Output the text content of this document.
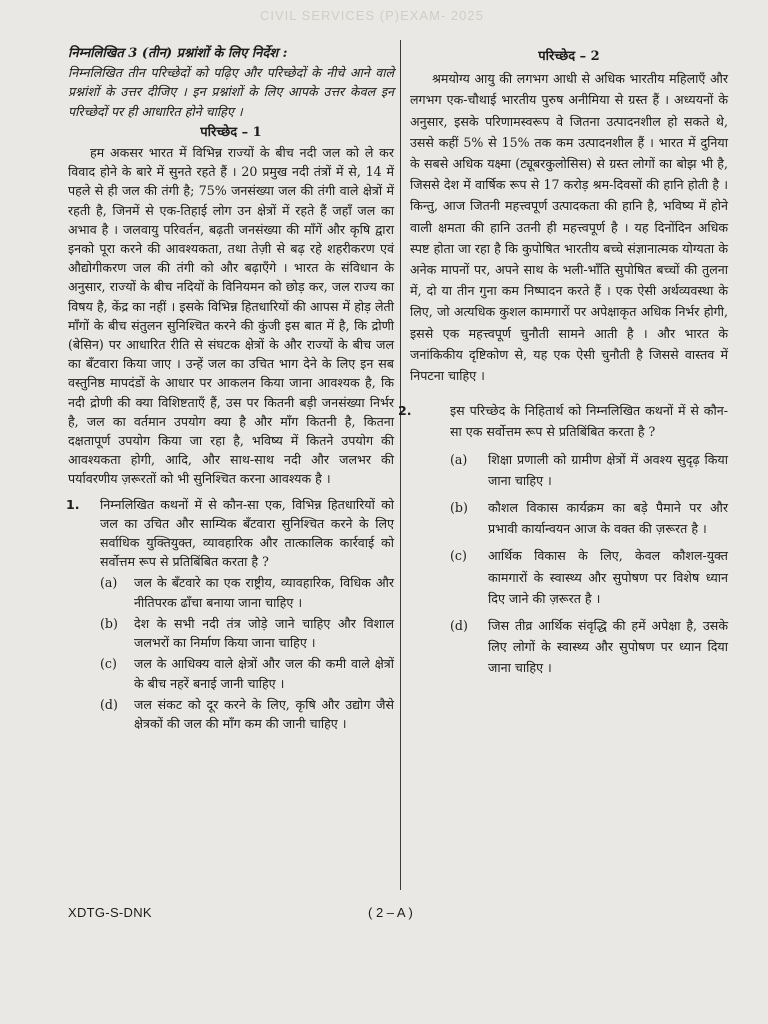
CIVIL SERVICES (P)EXAM- 2025

निम्नलिखित 3 (तीन) प्रश्नांशों के लिए निर्देश :

निम्नलिखित तीन परिच्छेदों को पढ़िए और परिच्छेदों के नीचे आने वाले प्रश्नांशों के उत्तर दीजिए । इन प्रश्नांशों के लिए आपके उत्तर केवल इन परिच्छेदों पर ही आधारित होने चाहिए ।

परिच्छेद – 1

हम अकसर भारत में विभिन्न राज्यों के बीच नदी जल को ले कर विवाद होने के बारे में सुनते रहते हैं । 20 प्रमुख नदी तंत्रों में से, 14 में पहले से ही जल की तंगी है; 75% जनसंख्या जल की तंगी वाले क्षेत्रों में रहती है, जिनमें से एक-तिहाई लोग उन क्षेत्रों में रहते हैं जहाँ जल का अभाव है । जलवायु परिवर्तन, बढ़ती जनसंख्या की माँगें और कृषि द्वारा इनको पूरा करने की आवश्यकता, तथा तेज़ी से बढ़ रहे शहरीकरण एवं औद्योगीकरण जल की तंगी को और बढ़ाएँगे । भारत के संविधान के अनुसार, राज्यों के बीच नदियों के विनियमन को छोड़ कर, जल राज्य का विषय है, केंद्र का नहीं । इसके विभिन्न हितधारियों की आपस में होड़ लेती माँगों के बीच संतुलन सुनिश्चित करने की कुंजी इस बात में है, कि द्रोणी (बेसिन) पर आधारित रीति से संघटक क्षेत्रों के और राज्यों के बीच जल का बँटवारा किया जाए । उन्हें जल का उचित भाग देने के लिए इन सब वस्तुनिष्ठ मापदंडों के आधार पर आकलन किया जाना आवश्यक है, कि नदी द्रोणी की क्या विशिष्टताएँ हैं, उस पर कितनी बड़ी जनसंख्या निर्भर है, जल का वर्तमान उपयोग क्या है और माँग कितनी है, कितना दक्षतापूर्ण उपयोग किया जा रहा है, भविष्य में कितने उपयोग की आवश्यकता होगी, आदि, और साथ-साथ नदी और जलभर की पर्यावरणीय ज़रूरतों को भी सुनिश्चित करना आवश्यक है ।

1. निम्नलिखित कथनों में से कौन-सा एक, विभिन्न हितधारियों को जल का उचित और साम्यिक बँटवारा सुनिश्चित करने के लिए सर्वाधिक युक्तियुक्त, व्यावहारिक और तात्कालिक कार्रवाई को सर्वोत्तम रूप से प्रतिबिंबित करता है ?

(a) जल के बँटवारे का एक राष्ट्रीय, व्यावहारिक, विधिक और नीतिपरक ढाँचा बनाया जाना चाहिए ।
(b) देश के सभी नदी तंत्र जोड़े जाने चाहिए और विशाल जलभरों का निर्माण किया जाना चाहिए ।
(c) जल के आधिक्य वाले क्षेत्रों और जल की कमी वाले क्षेत्रों के बीच नहरें बनाई जानी चाहिए ।
(d) जल संकट को दूर करने के लिए, कृषि और उद्योग जैसे क्षेत्रकों की जल की माँग कम की जानी चाहिए ।

परिच्छेद – 2

श्रमयोग्य आयु की लगभग आधी से अधिक भारतीय महिलाएँ और लगभग एक-चौथाई भारतीय पुरुष अनीमिया से ग्रस्त हैं । अध्ययनों के अनुसार, इसके परिणामस्वरूप वे जितना उत्पादनशील हो सकते थे, उससे कहीं 5% से 15% तक कम उत्पादनशील हैं । भारत में दुनिया के सबसे अधिक यक्ष्मा (ट्यूबरकुलोसिस) से ग्रस्त लोगों का बोझ भी है, जिससे देश में वार्षिक रूप से 17 करोड़ श्रम-दिवसों की हानि होती है । किन्तु, आज जितनी महत्त्वपूर्ण उत्पादकता की हानि है, भविष्य में होने वाली क्षमता की हानि उतनी ही महत्त्वपूर्ण है । यह दिनोंदिन अधिक स्पष्ट होता जा रहा है कि कुपोषित भारतीय बच्चे संज्ञानात्मक योग्यता के अनेक मापनों पर, अपने साथ के भली-भाँति सुपोषित बच्चों की तुलना में, दो या तीन गुना कम निष्पादन करते हैं । एक ऐसी अर्थव्यवस्था के लिए, जो अत्यधिक कुशल कामगारों पर अपेक्षाकृत अधिक निर्भर होगी, इससे एक महत्त्वपूर्ण चुनौती सामने आती है । और भारत के जनांकिकीय दृष्टिकोण से, यह एक ऐसी चुनौती है जिससे वास्तव में निपटना चाहिए ।

2.	इस परिच्छेद के निहितार्थ को निम्नलिखित कथनों में से कौन-सा एक सर्वोत्तम रूप से प्रतिबिंबित करता है ?

(a) शिक्षा प्रणाली को ग्रामीण क्षेत्रों में अवश्य सुदृढ़ किया जाना चाहिए ।
(b) कौशल विकास कार्यक्रम का बड़े पैमाने पर और प्रभावी कार्यान्वयन आज के वक्त की ज़रूरत है ।
(c) आर्थिक विकास के लिए, केवल कौशल-युक्त कामगारों के स्वास्थ्य और सुपोषण पर विशेष ध्यान दिए जाने की ज़रूरत है ।
(d) जिस तीव्र आर्थिक संवृद्धि की हमें अपेक्षा है, उसके लिए लोगों के स्वास्थ्य और सुपोषण पर ध्यान दिया जाना चाहिए ।
XDTG-S-DNK	( 2 – A )
